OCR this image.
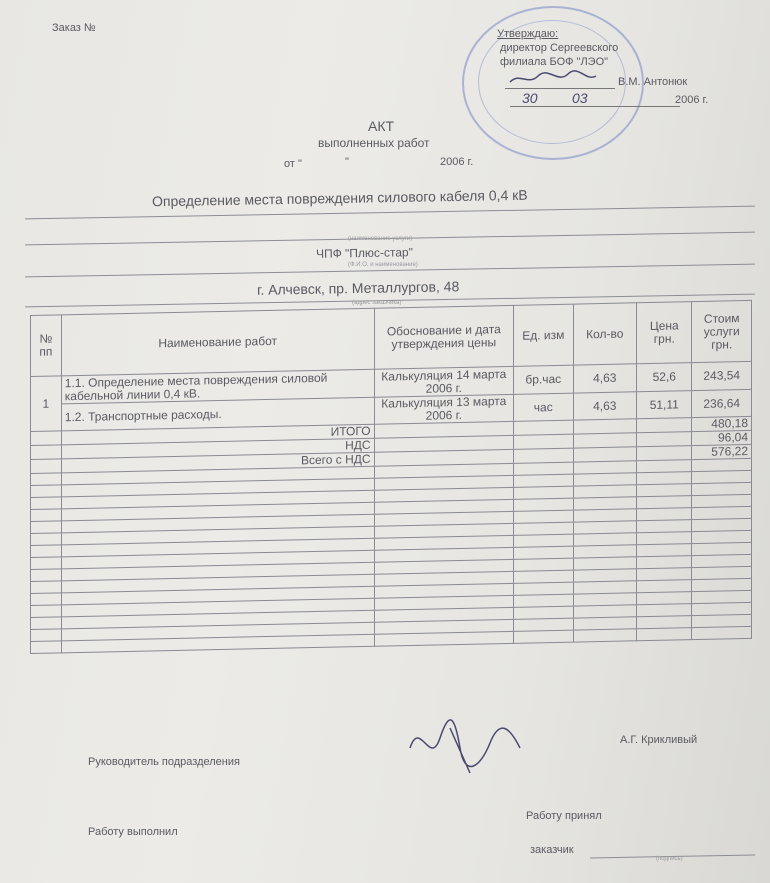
Заказ №	Утверждаю:
директор Сергеевского
филиала БОФ "ЛЭО"
В.М. Антонюк
30 03	2006 г.
АКТ
выполненных работ
от "	"	2006 г.
Определение места повреждения силового кабеля 0,4 кВ
(наименование услуги)
ЧПФ "Плюс-стар"
(Ф.И.О. и наименование)
г. Алчевск, пр. Металлургов, 48
(адрес заказчика)
№ пп	Наименование работ	Обоснование и дата утверждения цены	Ед. изм	Кол-во	Цена грн.	Стоим услуги грн.
1	1.1. Определение места повреждения силовой кабельной линии 0,4 кВ.	Калькуляция 14 марта 2006 г.	бр.час	4,63	52,6	243,54
	1.2. Транспортные расходы.	Калькуляция 13 марта 2006 г.	час	4,63	51,11	236,64
	ИТОГО					480,18
	НДС					96,04
	Всего с НДС					576,22

Руководитель подразделения
А.Г. Крикливый
Работу выполнил
Работу принял
заказчик
(подпись)
